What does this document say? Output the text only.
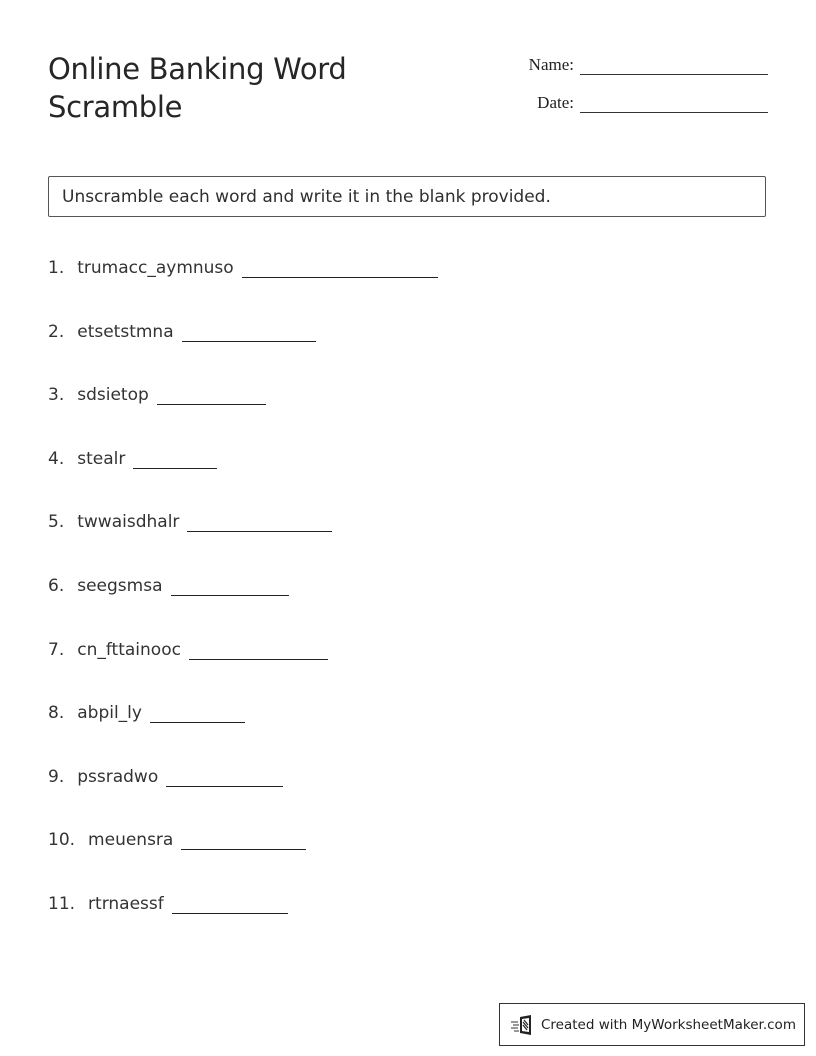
Online Banking Word Scramble
Name:
Date:
Unscramble each word and write it in the blank provided.
1. trumacc_aymnuso
2. etsetstmna
3. sdsietop
4. stealr
5. twwaisdhalr
6. seegsmsa
7. cn_fttainooc
8. abpil_ly
9. pssradwo
10. meuensra
11. rtrnaessf
Created with MyWorksheetMaker.com
